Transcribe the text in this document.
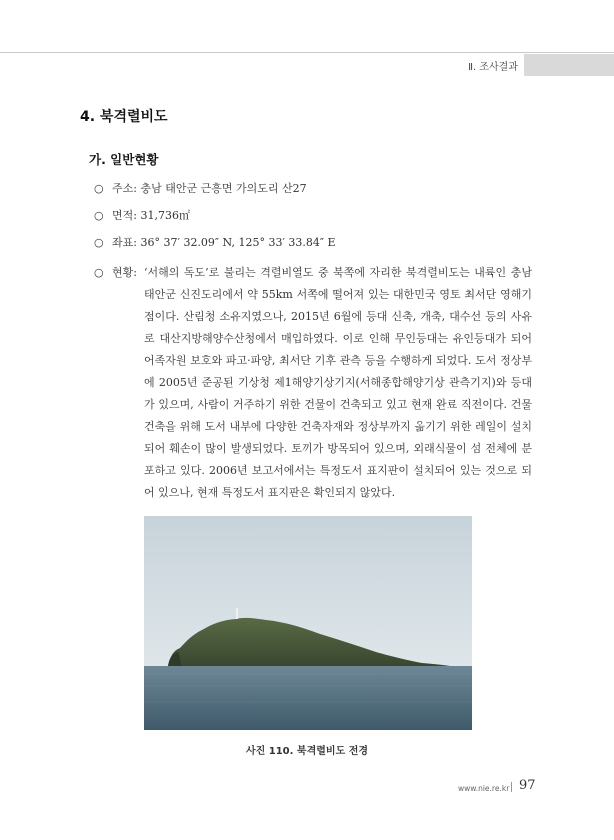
Ⅱ. 조사결과
4. 북격렬비도
가. 일반현황
○ 주소: 충남 태안군 근흥면 가의도리 산27
○ 면적: 31,736㎡
○ 좌표: 36° 37′ 32.09″ N, 125° 33′ 33.84″ E
○ 현황: ‘서해의 독도’로 불리는 격렬비열도 중 북쪽에 자리한 북격렬비도는 내륙인 충남 태안군 신진도리에서 약 55km 서쪽에 떨어져 있는 대한민국 영토 최서단 영해기점이다. 산림청 소유지였으나, 2015년 6월에 등대 신축, 개축, 대수선 등의 사유로 대산지방해양수산청에서 매입하였다. 이로 인해 무인등대는 유인등대가 되어 어족자원 보호와 파고·파양, 최서단 기후 관측 등을 수행하게 되었다. 도서 정상부에 2005년 준공된 기상청 제1해양기상기지(서해종합해양기상 관측기지)와 등대가 있으며, 사람이 거주하기 위한 건물이 건축되고 있고 현재 완료 직전이다. 건물 건축을 위해 도서 내부에 다양한 건축자재와 정상부까지 옮기기 위한 레일이 설치되어 훼손이 많이 발생되었다. 토끼가 방목되어 있으며, 외래식물이 섬 전체에 분포하고 있다. 2006년 보고서에서는 특정도서 표지판이 설치되어 있는 것으로 되어 있으나, 현재 특정도서 표지판은 확인되지 않았다.
사진 110. 북격렬비도 전경
www.nie.re.kr 97
